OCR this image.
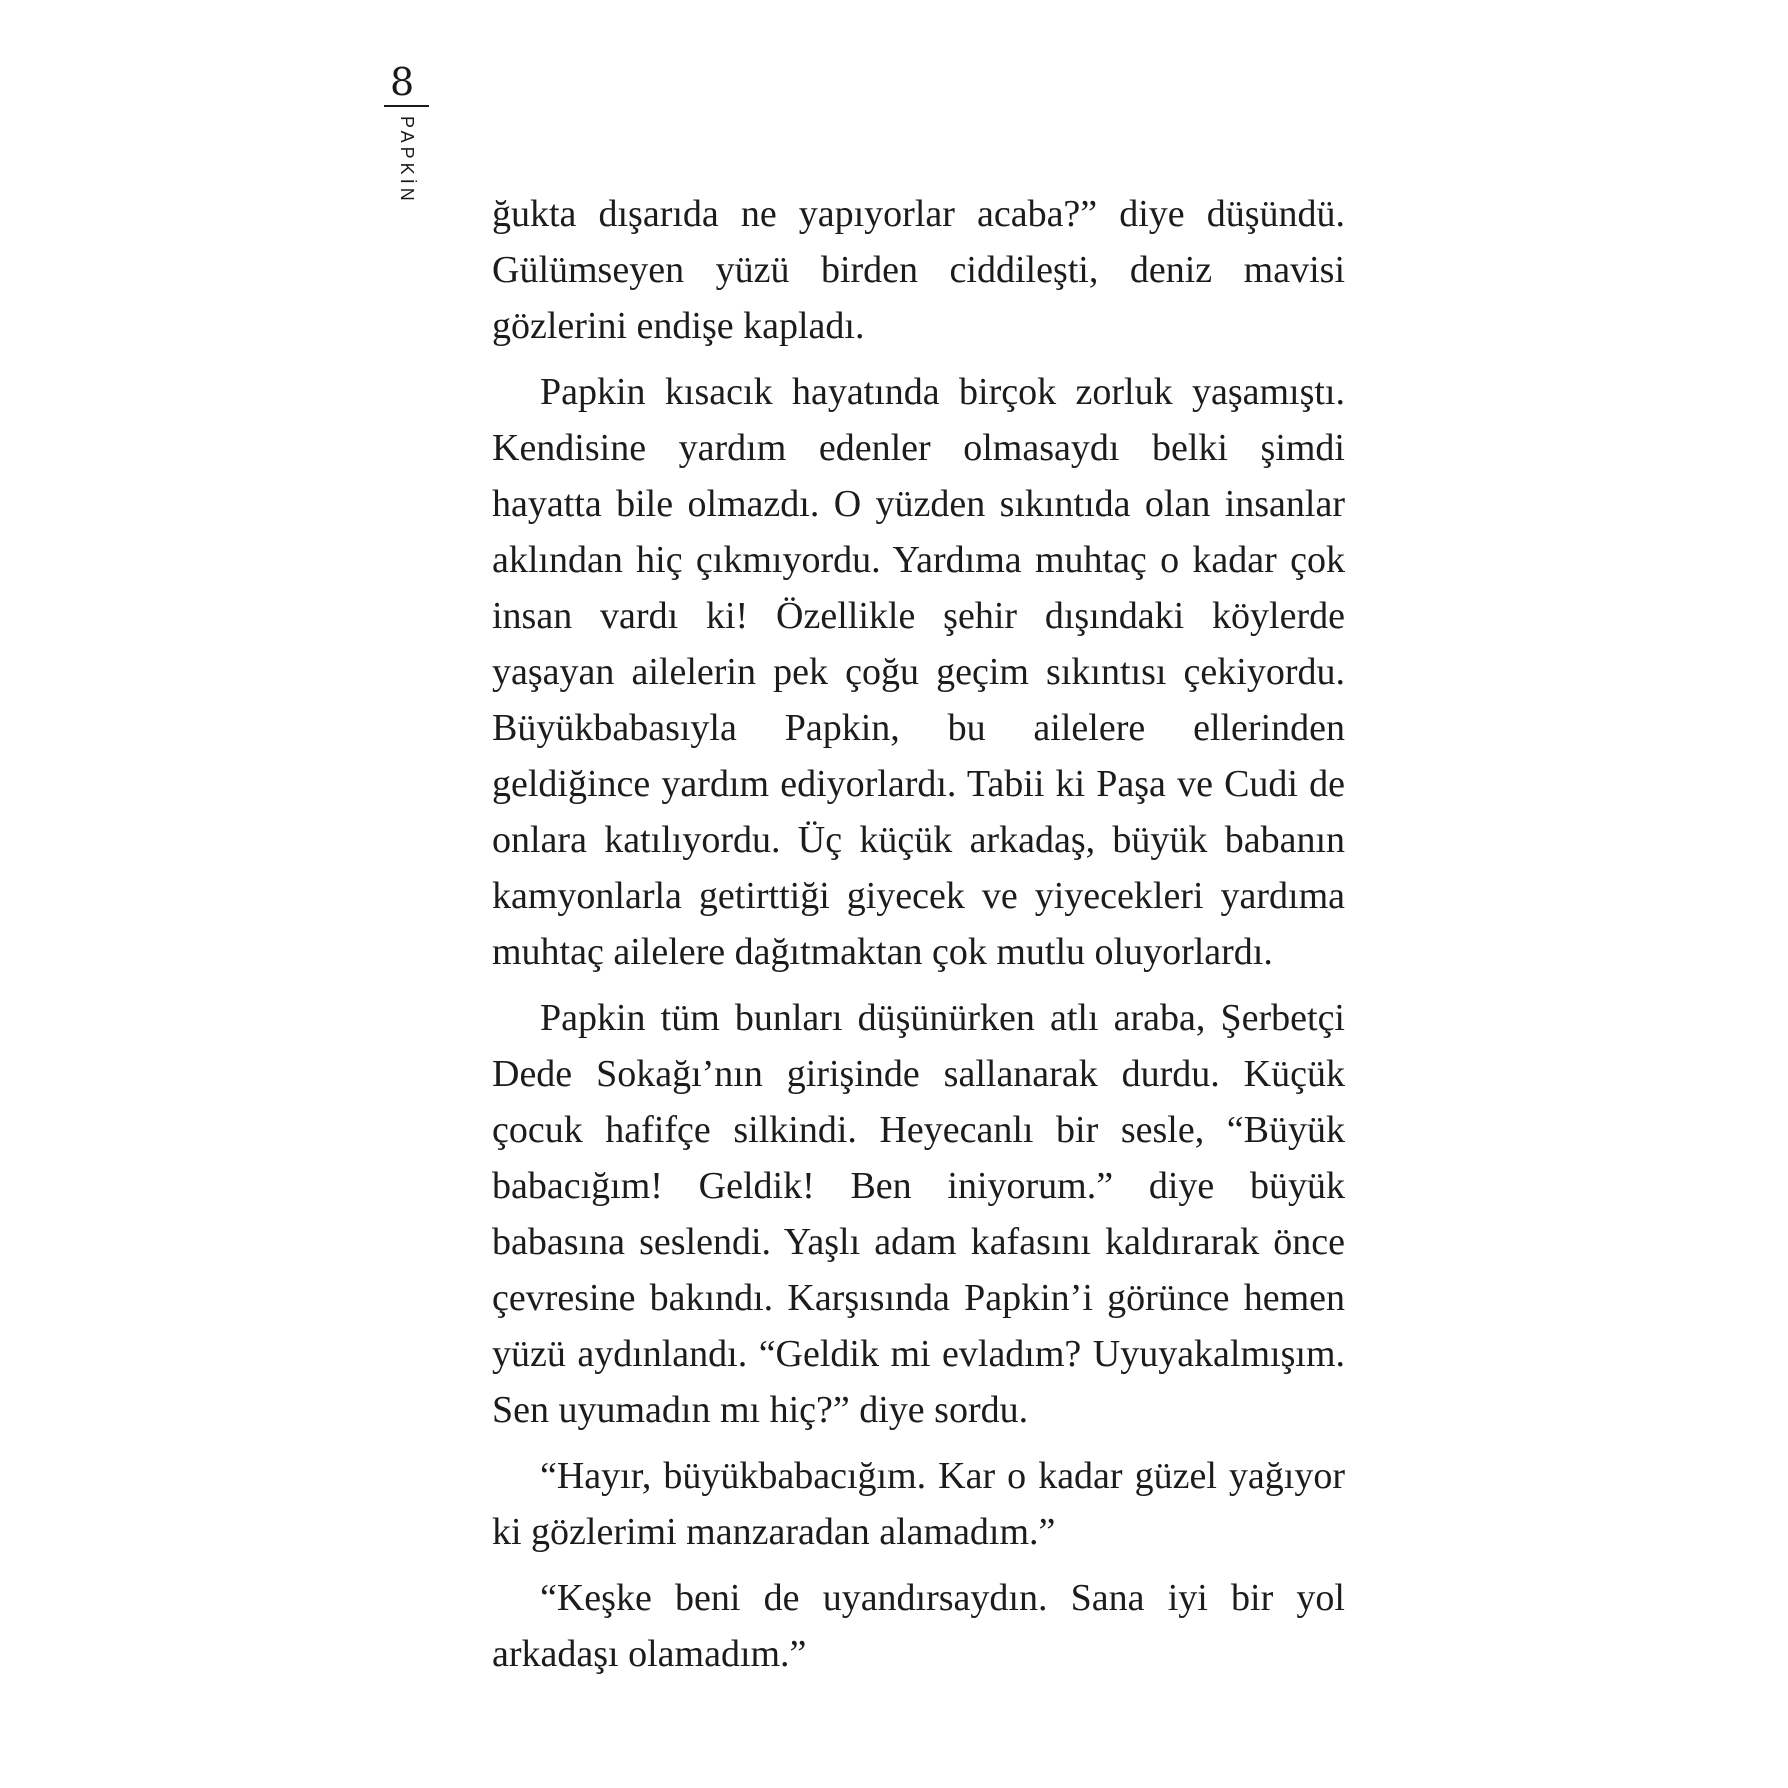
8
PAPKİN

ğukta dışarıda ne yapıyorlar acaba?” diye düşündü. Gülümseyen yüzü birden ciddileşti, deniz mavisi gözlerini endişe kapladı.

Papkin kısacık hayatında birçok zorluk yaşamıştı. Kendisine yardım edenler olmasaydı belki şimdi hayatta bile olmazdı. O yüzden sıkıntıda olan insanlar aklından hiç çıkmıyordu. Yardıma muhtaç o kadar çok insan vardı ki! Özellikle şehir dışındaki köylerde yaşayan ailelerin pek çoğu geçim sıkıntısı çekiyordu. Büyükbabasıyla Papkin, bu ailelere ellerinden geldiğince yardım ediyorlardı. Tabii ki Paşa ve Cudi de onlara katılıyordu. Üç küçük arkadaş, büyük babanın kamyonlarla getirttiği giyecek ve yiyecekleri yardıma muhtaç ailelere dağıtmaktan çok mutlu oluyorlardı.

Papkin tüm bunları düşünürken atlı araba, Şerbetçi Dede Sokağı’nın girişinde sallanarak durdu. Küçük çocuk hafifçe silkindi. Heyecanlı bir sesle, “Büyük babacığım! Geldik! Ben iniyorum.” diye büyük babasına seslendi. Yaşlı adam kafasını kaldırarak önce çevresine bakındı. Karşısında Papkin’i görünce hemen yüzü aydınlandı. “Geldik mi evladım? Uyuyakalmışım. Sen uyumadın mı hiç?” diye sordu.

“Hayır, büyükbabacığım. Kar o kadar güzel yağıyor ki gözlerimi manzaradan alamadım.”

“Keşke beni de uyandırsaydın. Sana iyi bir yol arkadaşı olamadım.”
